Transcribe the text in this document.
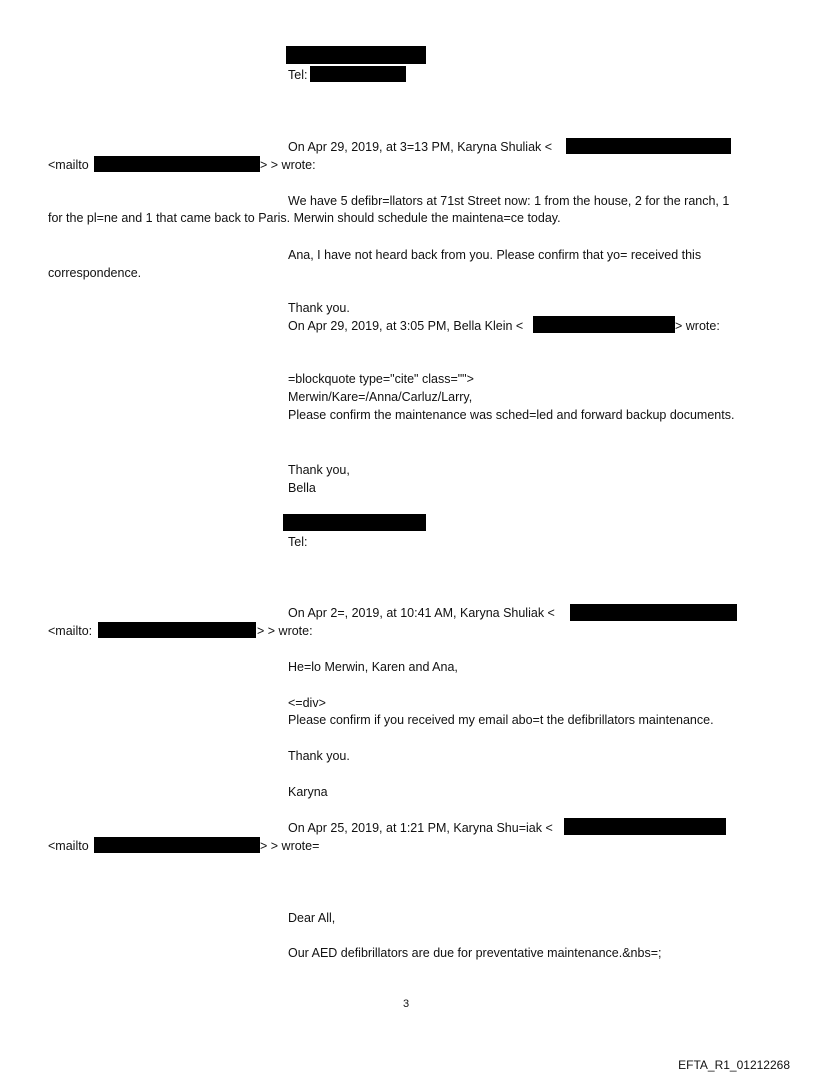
Tel:
On Apr 29, 2019, at 3=13 PM, Karyna Shuliak <
<mailto	> > wrote:
We have 5 defibr=llators at 71st Street now: 1 from the house, 2 for the ranch, 1
for the pl=ne and 1 that came back to Paris. Merwin should schedule the maintena=ce today.
Ana, I have not heard back from you. Please confirm that yo= received this
correspondence.
Thank you.
On Apr 29, 2019, at 3:05 PM, Bella Klein <	> wrote:
=blockquote type="cite" class="">
Merwin/Kare=/Anna/Carluz/Larry,
Please confirm the maintenance was sched=led and forward backup documents.
Thank you,
Bella
Tel:
On Apr 2=, 2019, at 10:41 AM, Karyna Shuliak <
<mailto:	> > wrote:
He=lo Merwin, Karen and Ana,
<=div>
Please confirm if you received my email abo=t the defibrillators maintenance.
Thank you.
Karyna
On Apr 25, 2019, at 1:21 PM, Karyna Shu=iak <
<mailto	> > wrote=
Dear All,
Our AED defibrillators are due for preventative maintenance.&nbs=;
3
EFTA_R1_01212268
